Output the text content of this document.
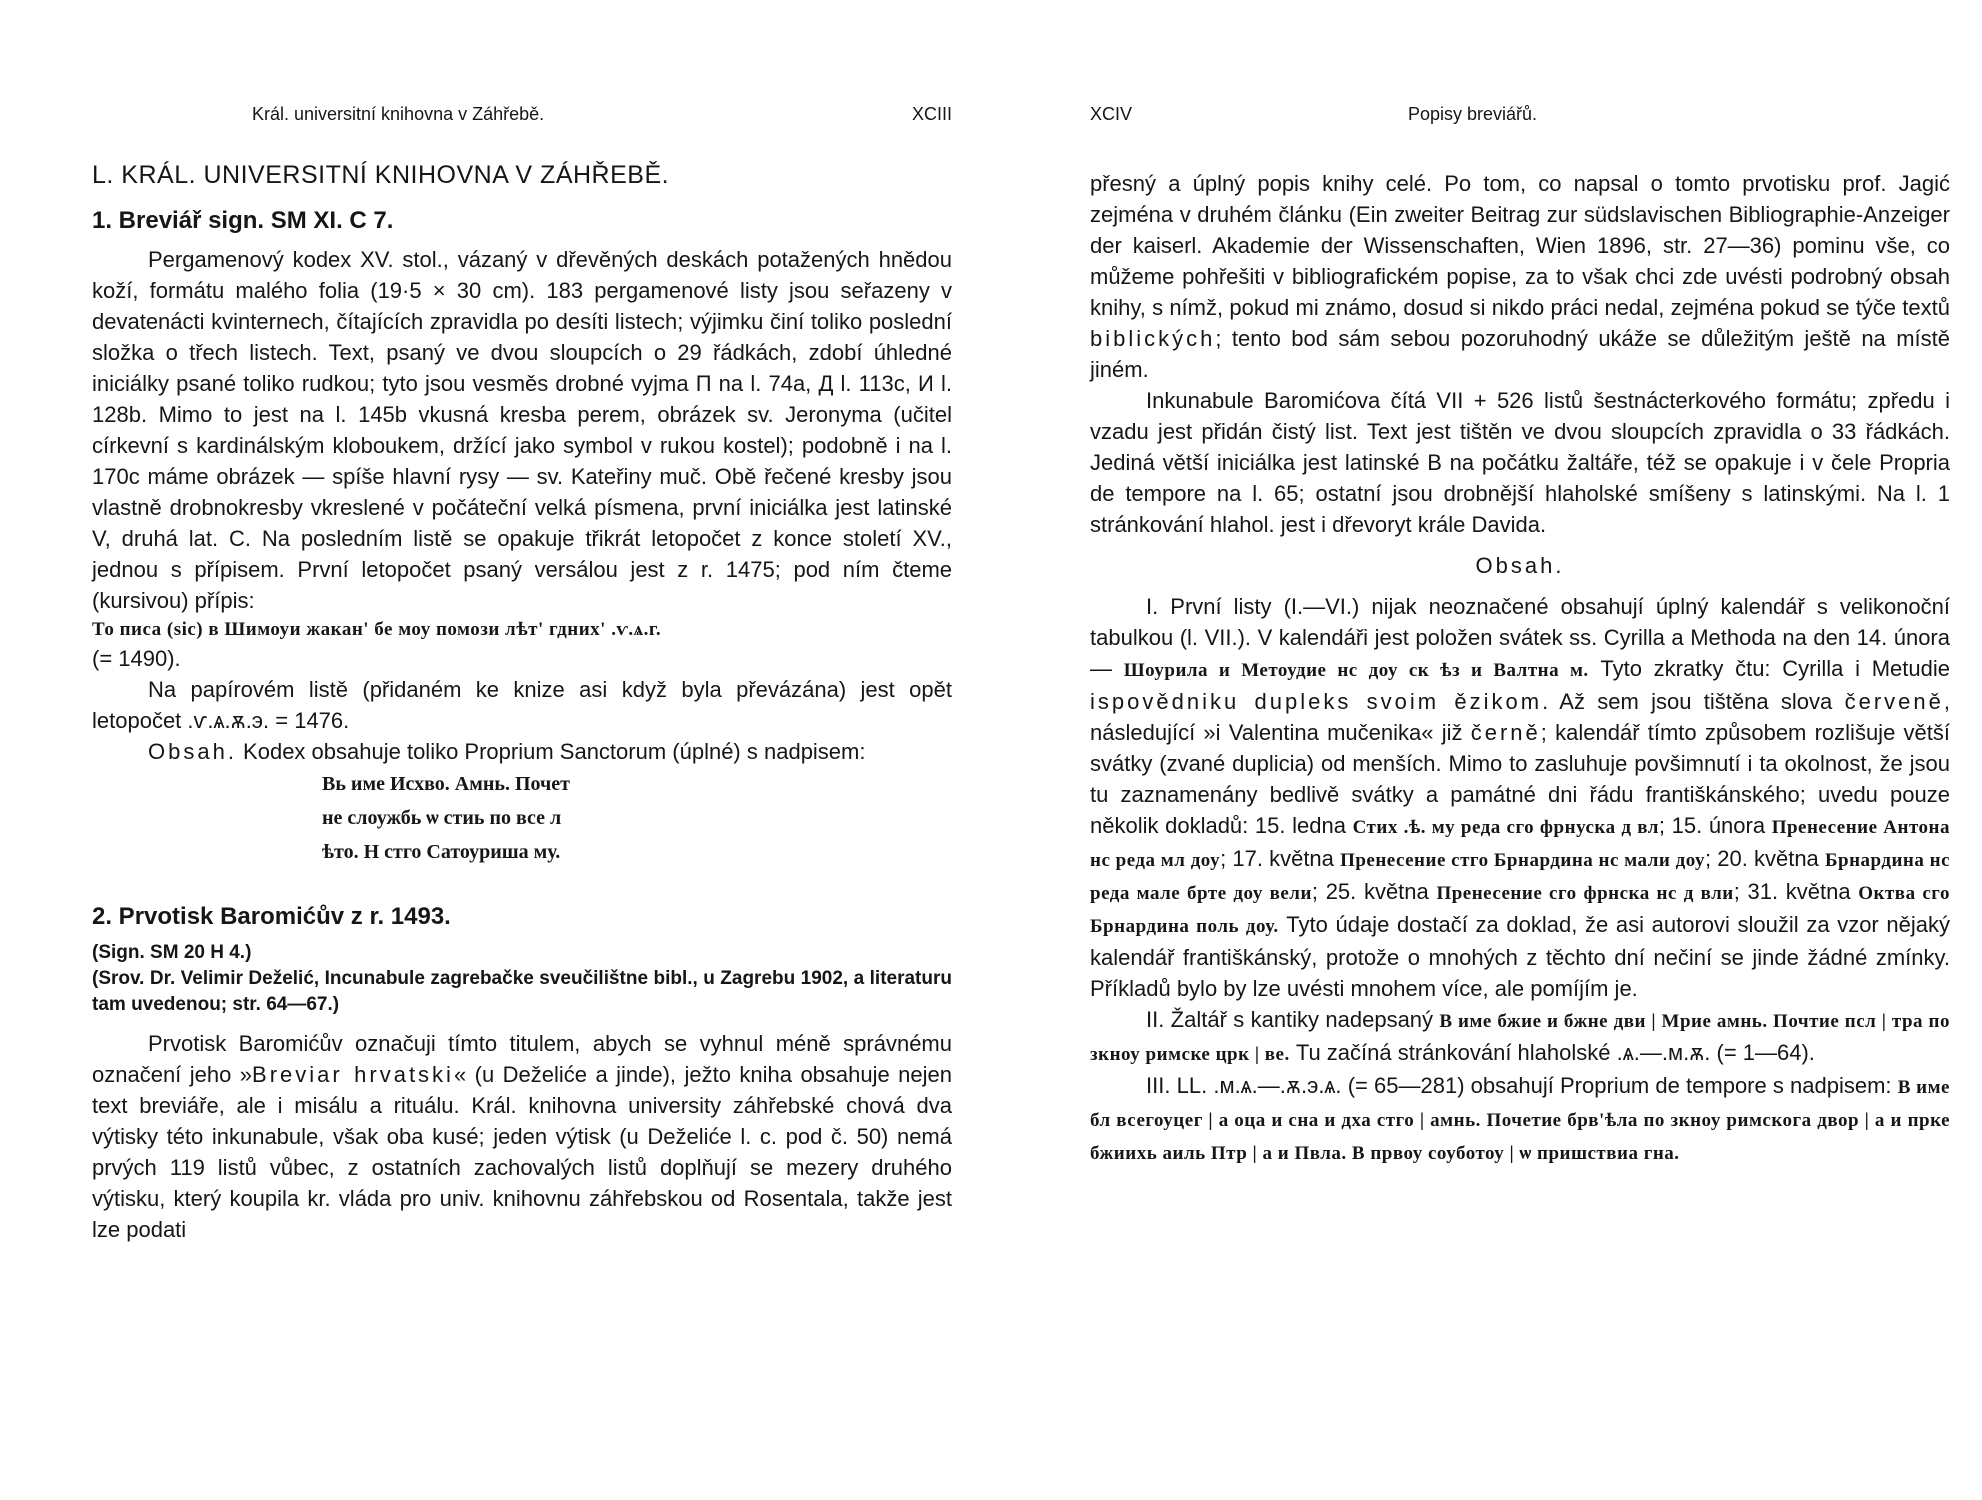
Král. universitní knihovna v Záhřebě.	XCIII

L. KRÁL. UNIVERSITNÍ KNIHOVNA V ZÁHŘEBĚ.

1. Breviář sign. SM XI. C 7.

Pergamenový kodex XV. stol., vázaný v dřevěných deskách potažených hnědou koží, formátu malého folia (19·5 × 30 cm). 183 pergamenové listy jsou seřazeny v devatenácti kvinternech, čítajících zpravidla po desíti listech; výjimku činí toliko poslední složka o třech listech. Text, psaný ve dvou sloupcích o 29 řádkách, zdobí úhledné iniciálky psané toliko rudkou; tyto jsou vesměs drobné vyjma П na l. 74a, Д l. 113c, И l. 128b. Mimo to jest na l. 145b vkusná kresba perem, obrázek sv. Jeronyma (učitel církevní s kardinálským kloboukem, držící jako symbol v rukou kostel); podobně i na l. 170c máme obrázek — spíše hlavní rysy — sv. Kateřiny muč. Obě řečené kresby jsou vlastně drobnokresby vkreslené v počáteční velká písmena, první iniciálka jest latinské V, druhá lat. C. Na posledním listě se opakuje třikrát letopočet z konce století XV., jednou s přípisem. První letopočet psaný versálou jest z r. 1475; pod ním čteme (kursivou) přípis:

То писа (sic) в Шимоуи жакан' бе моу помози лѣт' гдних' .ѵ.ѧ.г.

(= 1490).

Na papírovém listě (přidaném ke knize asi když byla převázána) jest opět letopočet .ѵ.ѧ.ѫ.э. = 1476.

Obsah. Kodex obsahuje toliko Proprium Sanctorum (úplné) s nadpisem:

Вь име Исхво. Амнь. Почет
не слоужбь ѡ стиь по все л
ѣто. Н стго Сатоуриша му.

2. Prvotisk Baromićův z r. 1493.

(Sign. SM 20 H 4.)

(Srov. Dr. Velimir Deželić, Incunabule zagrebačke sveučilištne bibl., u Zagrebu 1902, a literaturu tam uvedenou; str. 64—67.)

Prvotisk Baromićův označuji tímto titulem, abych se vyhnul méně správnému označení jeho »Breviar hrvatski« (u Deželiće a jinde), ježto kniha obsahuje nejen text breviáře, ale i misálu a rituálu. Král. knihovna university záhřebské chová dva výtisky této inkunabule, však oba kusé; jeden výtisk (u Deželiće l. c. pod č. 50) nemá prvých 119 listů vůbec, z ostatních zachovalých listů doplňují se mezery druhého výtisku, který koupila kr. vláda pro univ. knihovnu záhřebskou od Rosentala, takže jest lze podati

XCIV	Popisy breviářů.

přesný a úplný popis knihy celé. Po tom, co napsal o tomto prvotisku prof. Jagić zejména v druhém článku (Ein zweiter Beitrag zur südslavischen Bibliographie-Anzeiger der kaiserl. Akademie der Wissenschaften, Wien 1896, str. 27—36) pominu vše, co můžeme pohřešiti v bibliografickém popise, za to však chci zde uvésti podrobný obsah knihy, s nímž, pokud mi známo, dosud si nikdo práci nedal, zejména pokud se týče textů biblických; tento bod sám sebou pozoruhodný ukáže se důležitým ještě na místě jiném.

Inkunabule Baromićova čítá VII + 526 listů šestnácterkového formátu; zpředu i vzadu jest přidán čistý list. Text jest tištěn ve dvou sloupcích zpravidla o 33 řádkách. Jediná větší iniciálka jest latinské B na počátku žaltáře, též se opakuje i v čele Propria de tempore na l. 65; ostatní jsou drobnější hlaholské smíšeny s latinskými. Na l. 1 stránkování hlahol. jest i dřevoryt krále Davida.

Obsah.

I. První listy (I.—VI.) nijak neoznačené obsahují úplný kalendář s velikonoční tabulkou (l. VII.). V kalendáři jest položen svátek ss. Cyrilla a Methoda na den 14. února — Шоурила и Метоудие нс доу ск ѣз и Валтна м. Tyto zkratky čtu: Cyrilla i Metudie ispovědniku dupleks svoim ězikom. Až sem jsou tištěna slova červeně, následující »i Valentina mučenika« již černě; kalendář tímto způsobem rozlišuje větší svátky (zvané duplicia) od menších. Mimo to zasluhuje povšimnutí i ta okolnost, že jsou tu zaznamenány bedlivě svátky a památné dni řádu františkánského; uvedu pouze několik dokladů: 15. ledna Стих .ѣ. му реда сго фрнуска д вл; 15. února Пренесение Антона нс реда мл доу; 17. května Пренесение стго Брнардина нс мали доу; 20. května Брнардина нс реда мале брте доу вели; 25. května Пренесение сго фрнска нс д вли; 31. května Октва сго Брнардина поль доу. Tyto údaje dostačí za doklad, že asi autorovi sloužil za vzor nějaký kalendář františkánský, protože o mnohých z těchto dní nečiní se jinde žádné zmínky. Příkladů bylo by lze uvésti mnohem více, ale pomíjím je.

II. Žaltář s kantiky nadepsaný В име бжие и бжне дви | Мрие амнь. Почтие псл | тра по зкноу римске црк | ве. Tu začíná stránkování hlaholské .ѧ.—.м.ѫ. (= 1—64).

III. LL. .м.ѧ.—.ѫ.э.ѧ. (= 65—281) obsahují Proprium de tempore s nadpisem: В име бл всегоуцег | а оца и сна и дха стго | амнь. Почетие брв'ѣла по зкноу римскога двор | а и прке бжиихь аиль Птр | а и Пвла. В првоу соуботоу | ѡ пришствиа гна.
